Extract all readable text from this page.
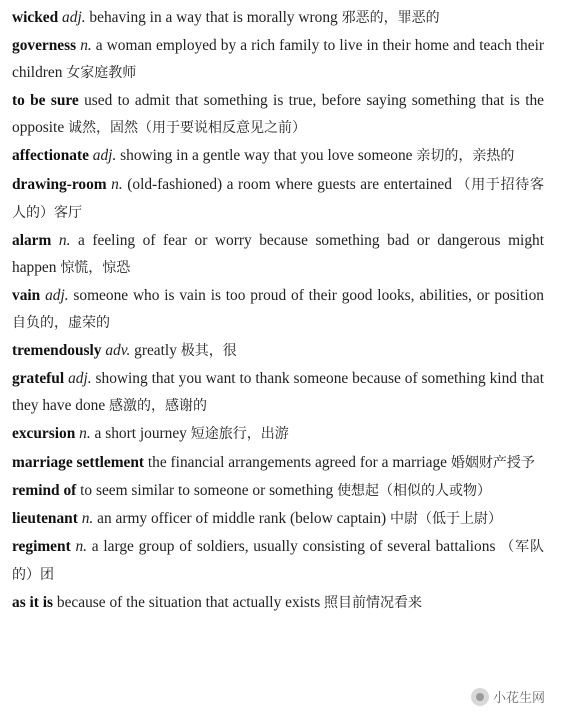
wicked adj. behaving in a way that is morally wrong 邪恶的，罪恶的

governess n. a woman employed by a rich family to live in their home and teach their children 女家庭教师

to be sure used to admit that something is true, before saying something that is the opposite 诚然，固然（用于要说相反意见之前）

affectionate adj. showing in a gentle way that you love someone 亲切的，亲热的

drawing-room n. (old-fashioned) a room where guests are entertained （用于招待客人的）客厅

alarm n. a feeling of fear or worry because something bad or dangerous might happen 惊慌，惊恐

vain adj. someone who is vain is too proud of their good looks, abilities, or position 自负的，虚荣的

tremendously adv. greatly 极其，很

grateful adj. showing that you want to thank someone because of something kind that they have done 感激的，感谢的

excursion n. a short journey 短途旅行，出游

marriage settlement the financial arrangements agreed for a marriage 婚姻财产授予

remind of to seem similar to someone or something 使想起（相似的人或物）

lieutenant n. an army officer of middle rank (below captain) 中尉（低于上尉）

regiment n. a large group of soldiers, usually consisting of several battalions （军队的）团

as it is because of the situation that actually exists 照目前情况看来

小花生网
